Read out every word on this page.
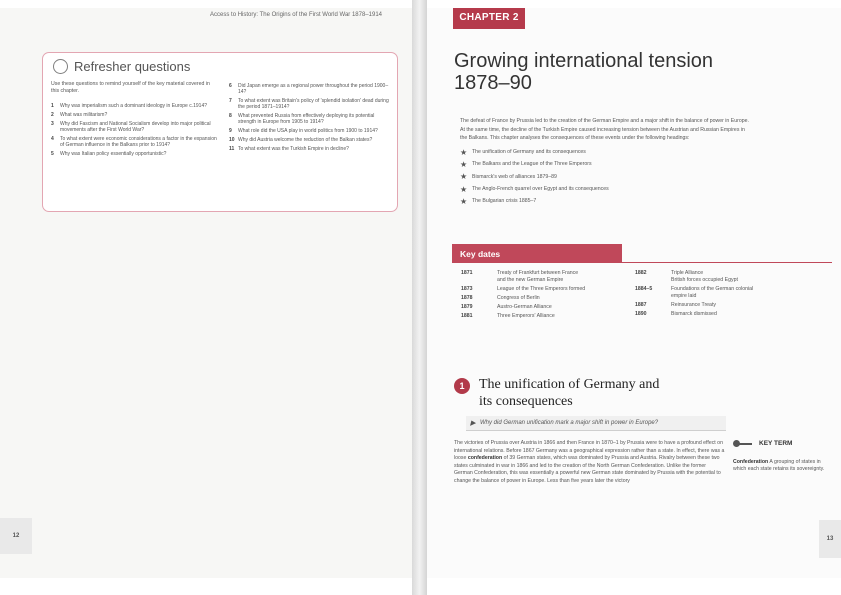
Access to History: The Origins of the First World War 1878–1914
Refresher questions
Use these questions to remind yourself of the key material covered in this chapter.
1	Why was imperialism such a dominant ideology in Europe c.1914?
2	What was militarism?
3	Why did Fascism and National Socialism develop into major political movements after the First World War?
4	To what extent were economic considerations a factor in the expansion of German influence in the Balkans prior to 1914?
5	Why was Italian policy essentially opportunistic?
6	Did Japan emerge as a regional power throughout the period 1900–14?
7	To what extent was Britain's policy of 'splendid isolation' dead during the period 1871–1914?
8	What prevented Russia from effectively deploying its potential strength in Europe from 1905 to 1914?
9	What role did the USA play in world politics from 1900 to 1914?
10 Why did Austria welcome the reduction of the Balkan states?
11 To what extent was the Turkish Empire in decline?
12
CHAPTER 2
Growing international tension
1878–90
The defeat of France by Prussia led to the creation of the German Empire and a major shift in the balance of power in Europe. At the same time, the decline of the Turkish Empire caused increasing tension between the Austrian and Russian Empires in the Balkans. This chapter analyses the consequences of these events under the following headings:
★ The unification of Germany and its consequences
★ The Balkans and the League of the Three Emperors
★ Bismarck's web of alliances 1879–89
★ The Anglo-French quarrel over Egypt and its consequences
★ The Bulgarian crisis 1885–7
Key dates
1871	Treaty of Frankfurt between France
and the new German Empire
1873	League of the Three Emperors formed
1878	Congress of Berlin
1879	Austro-German Alliance
1881	Three Emperors' Alliance
1882	Triple Alliance
British forces occupied Egypt
1884–5	Foundations of the German colonial
empire laid
1887	Reinsurance Treaty
1890	Bismarck dismissed
1	The unification of Germany and
its consequences
▶ Why did German unification mark a major shift in power in Europe?
The victories of Prussia over Austria in 1866 and then France in 1870–1 by Prussia were to have a profound effect on international relations. Before 1867 Germany was a geographical expression rather than a state. In effect, there was a loose confederation of 39 German states, which was dominated by Prussia and Austria. Rivalry between these two states culminated in war in 1866 and led to the creation of the North German Confederation. Unlike the former German Confederation, this was essentially a powerful new German state dominated by Prussia with the potential to change the balance of power in Europe. Less than five years later the victory
KEY TERM
Confederation A grouping of states in which each state retains its sovereignty.
13
